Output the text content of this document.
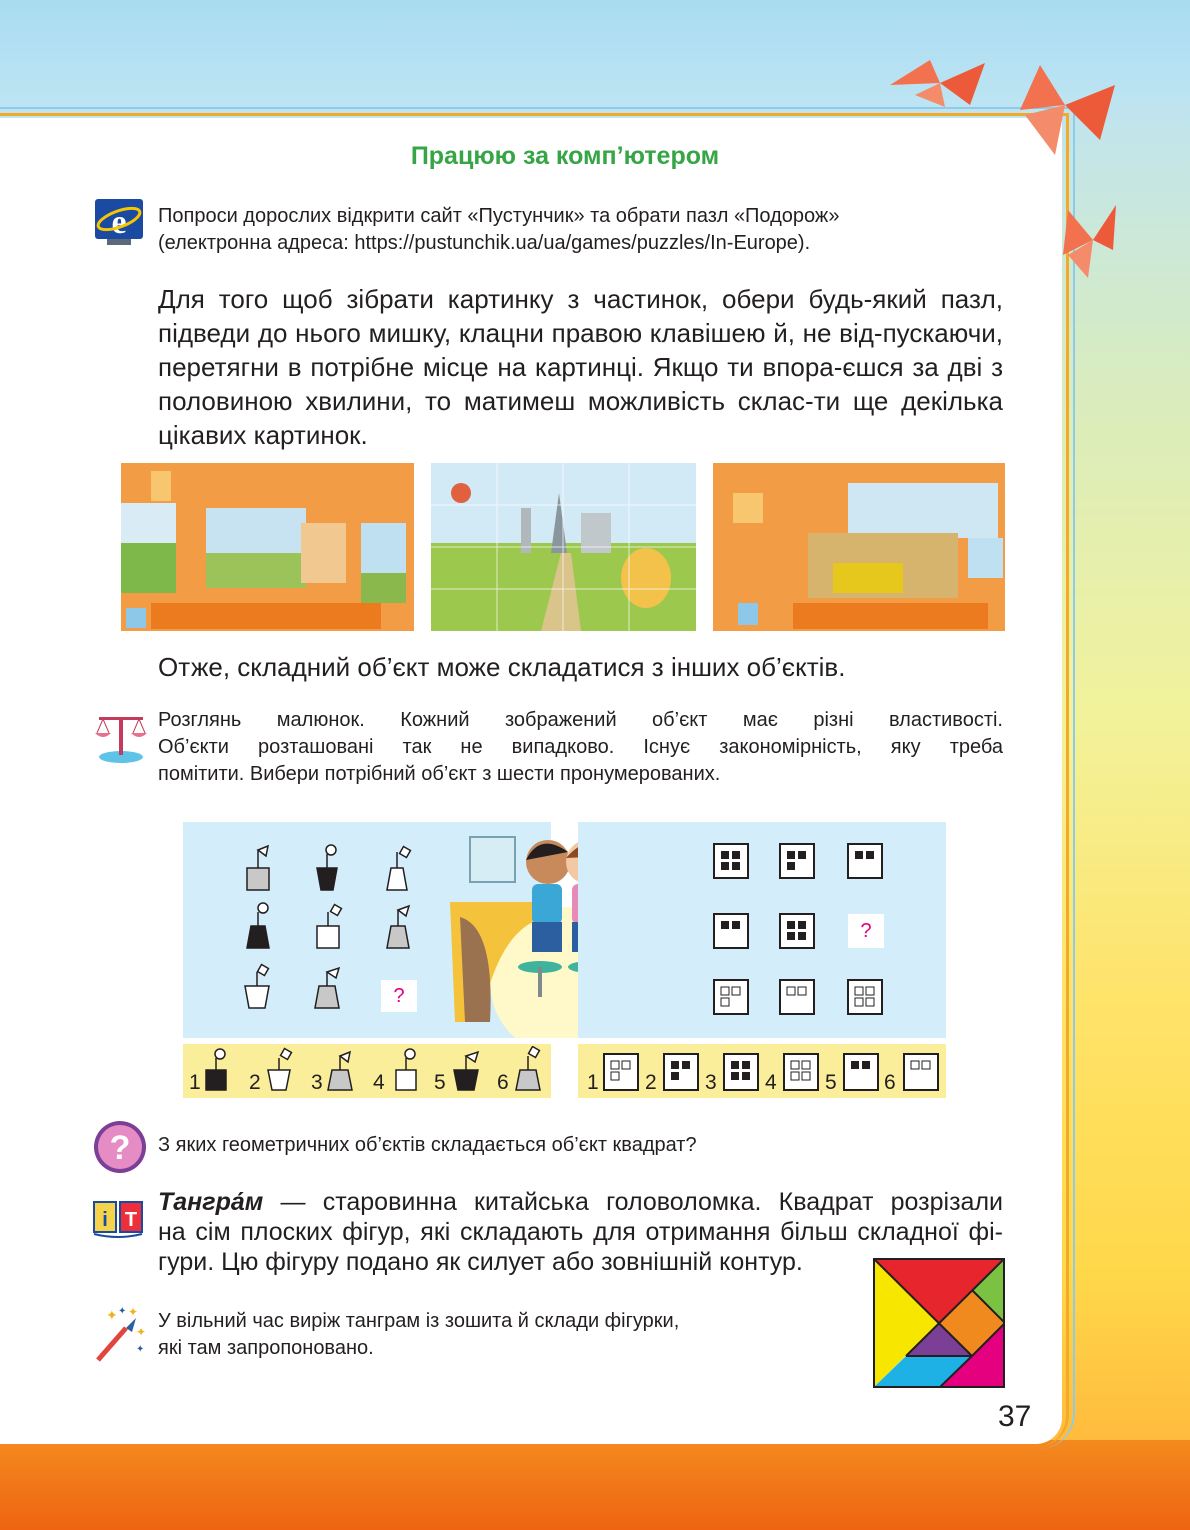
Працюю за комп’ютером
e Попроси дорослих відкрити сайт «Пустунчик» та обрати пазл «Подорож»
(електронна адреса: https://pustunchik.ua/ua/games/puzzles/In-Europe).
Для того щоб зібрати картинку з частинок, обери будь-який пазл, підведи до нього мишку, клацни правою клавішею й, не від-пускаючи, перетягни в потрібне місце на картинці. Якщо ти впора-єшся за дві з половиною хвилини, то матимеш можливість склас-ти ще декілька цікавих картинок.
Отже, складний об’єкт може складатися з інших об’єктів.
Розглянь малюнок. Кожний зображений об’єкт має різні властивості.
Об’єкти розташовані так не випадково. Існує закономірність, яку треба
помітити. Вибери потрібний об’єкт з шести пронумерованих.
?
?
1 2 3 4 5 6	1 2 3 4 5 6
? З яких геометричних об’єктів складається об’єкт квадрат?
i T
Тангра́м — старовинна китайська головоломка. Квадрат розрізали
на сім плоских фігур, які складають для отримання більш складної фі-
гури. Цю фігуру подано як силует або зовнішній контур.
✦ ✦
✦
✦
✦
У вільний час виріж танграм із зошита й склади фігурки,
які там запропоновано.
37
